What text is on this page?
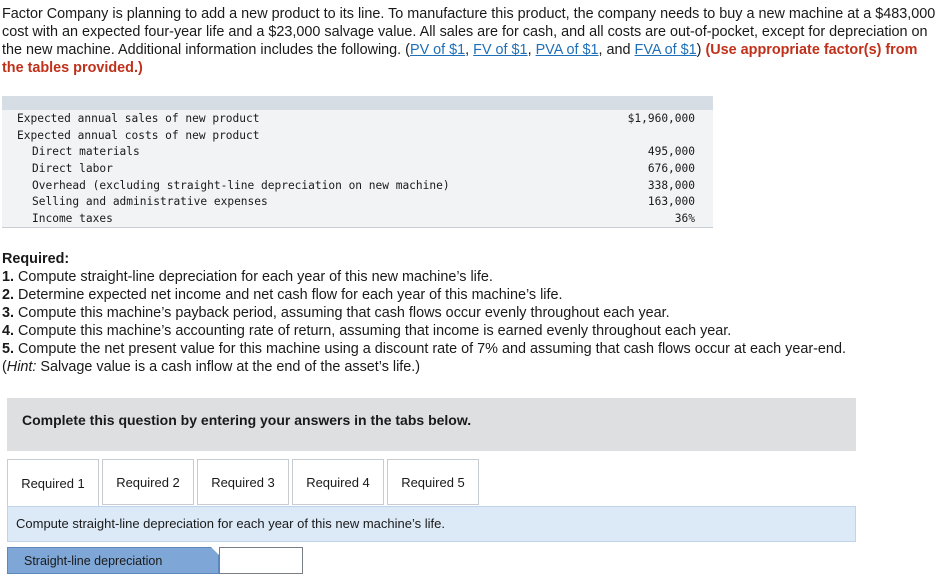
Factor Company is planning to add a new product to its line. To manufacture this product, the company needs to buy a new machine at a $483,000 cost with an expected four-year life and a $23,000 salvage value. All sales are for cash, and all costs are out-of-pocket, except for depreciation on the new machine. Additional information includes the following. (PV of $1, FV of $1, PVA of $1, and FVA of $1) (Use appropriate factor(s) from the tables provided.)

Expected annual sales of new product	$1,960,000
Expected annual costs of new product	
Direct materials	495,000
Direct labor	676,000
Overhead (excluding straight-line depreciation on new machine)	338,000
Selling and administrative expenses	163,000
Income taxes	36%
Required:
1. Compute straight-line depreciation for each year of this new machine’s life.
2. Determine expected net income and net cash flow for each year of this machine’s life.
3. Compute this machine’s payback period, assuming that cash flows occur evenly throughout each year.
4. Compute this machine’s accounting rate of return, assuming that income is earned evenly throughout each year.
5. Compute the net present value for this machine using a discount rate of 7% and assuming that cash flows occur at each year-end.
(Hint: Salvage value is a cash inflow at the end of the asset’s life.)
Complete this question by entering your answers in the tabs below.
Required 1	Required 2	Required 3	Required 4	Required 5
Compute straight-line depreciation for each year of this new machine’s life.
Straight-line depreciation
